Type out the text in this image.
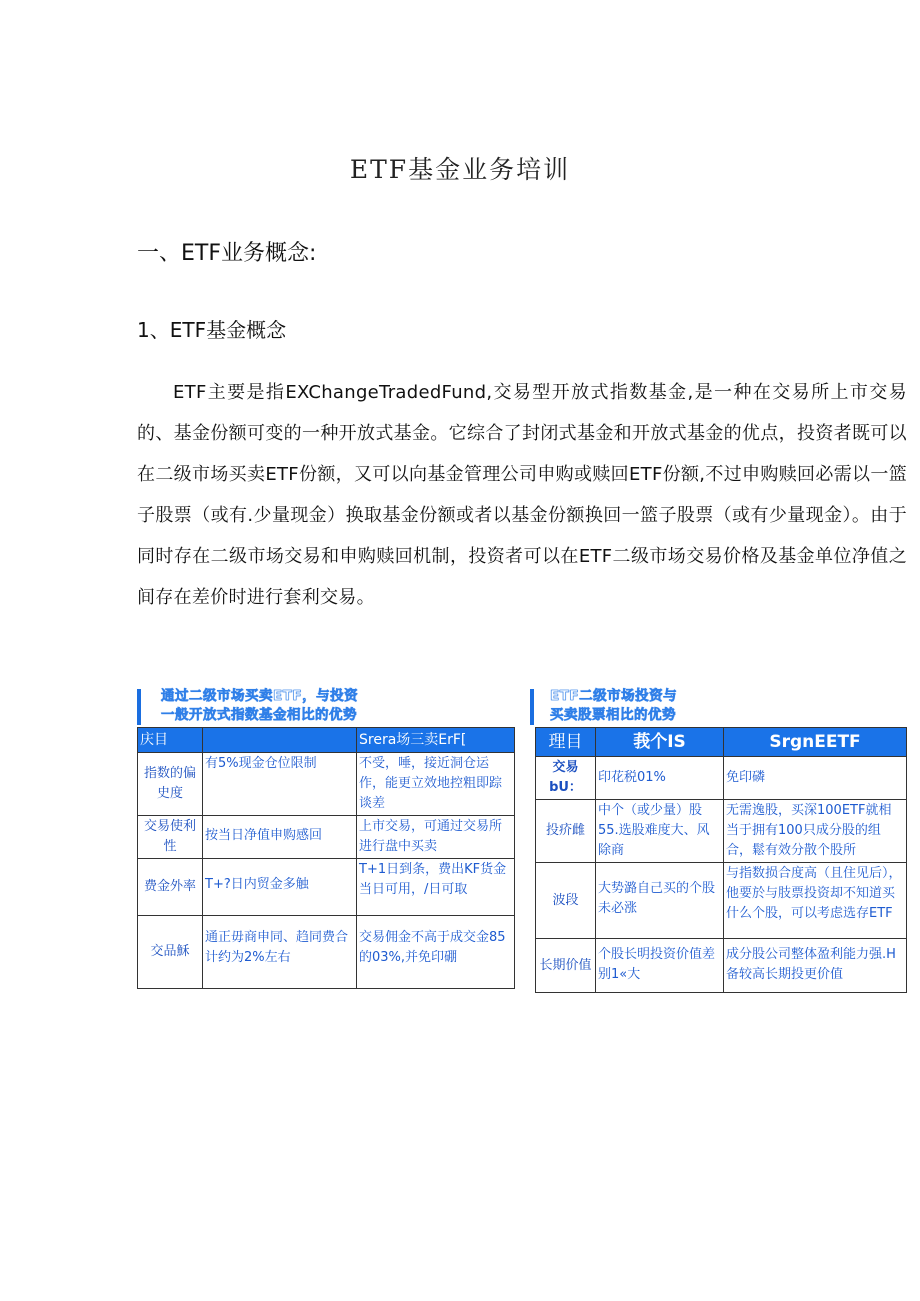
ETF基金业务培训
一、ETF业务概念:
1、ETF基金概念

ETF主要是指EXChangeTradedFund,交易型开放式指数基金,是一种在交易所上市交易的、基金份额可变的一种开放式基金。它综合了封闭式基金和开放式基金的优点，投资者既可以在二级市场买卖ETF份额，又可以向基金管理公司申购或赎回ETF份额,不过申购赎回必需以一篮子股票（或有.少量现金）换取基金份额或者以基金份额换回一篮子股票（或有少量现金）。由于同时存在二级市场交易和申购赎回机制，投资者可以在ETF二级市场交易价格及基金单位净值之间存在差价时进行套利交易。

通过二级市场买卖ETF，与投资
一般开放式指数基金相比的优势
庆目		Srera场三卖ErF[
指数的偏史度	有5%现金仓位限制	不受，唾，接近洞仓运作，能更立效地控粗即踪谈差
交易使利性	按当日净值申购感回	上市交易，可通过交易所进行盘中买卖
费金外率	T+?日内贸金多触	T+1日到条，费出KF货金当日可用，/日可取
交品穌	通正毋商申同、趋同费合计约为2%左右	交易佣金不高于成交金85的03%,并免印硼
ETF二级市场投资与
买卖股票相比的优势
理目	莪个IS	SrgnEETF
交易bU：	印花税01%	免印磷
投疥雌	中个（或少量）股55.选股难度大、风除商	无需逸股，买深100ETF就相当于拥有100只成分股的组合，鬆有效分散个股所
波段	大势潞自己买的个股未必涨	与指数损合度高（且住见后），他要於与肢票投资却不知道买什么个股，可以考虑选存ETF
长期价值	个股长明投资价值差别1«大	成分股公司整体盈利能力强.H备较高长期投更价值
